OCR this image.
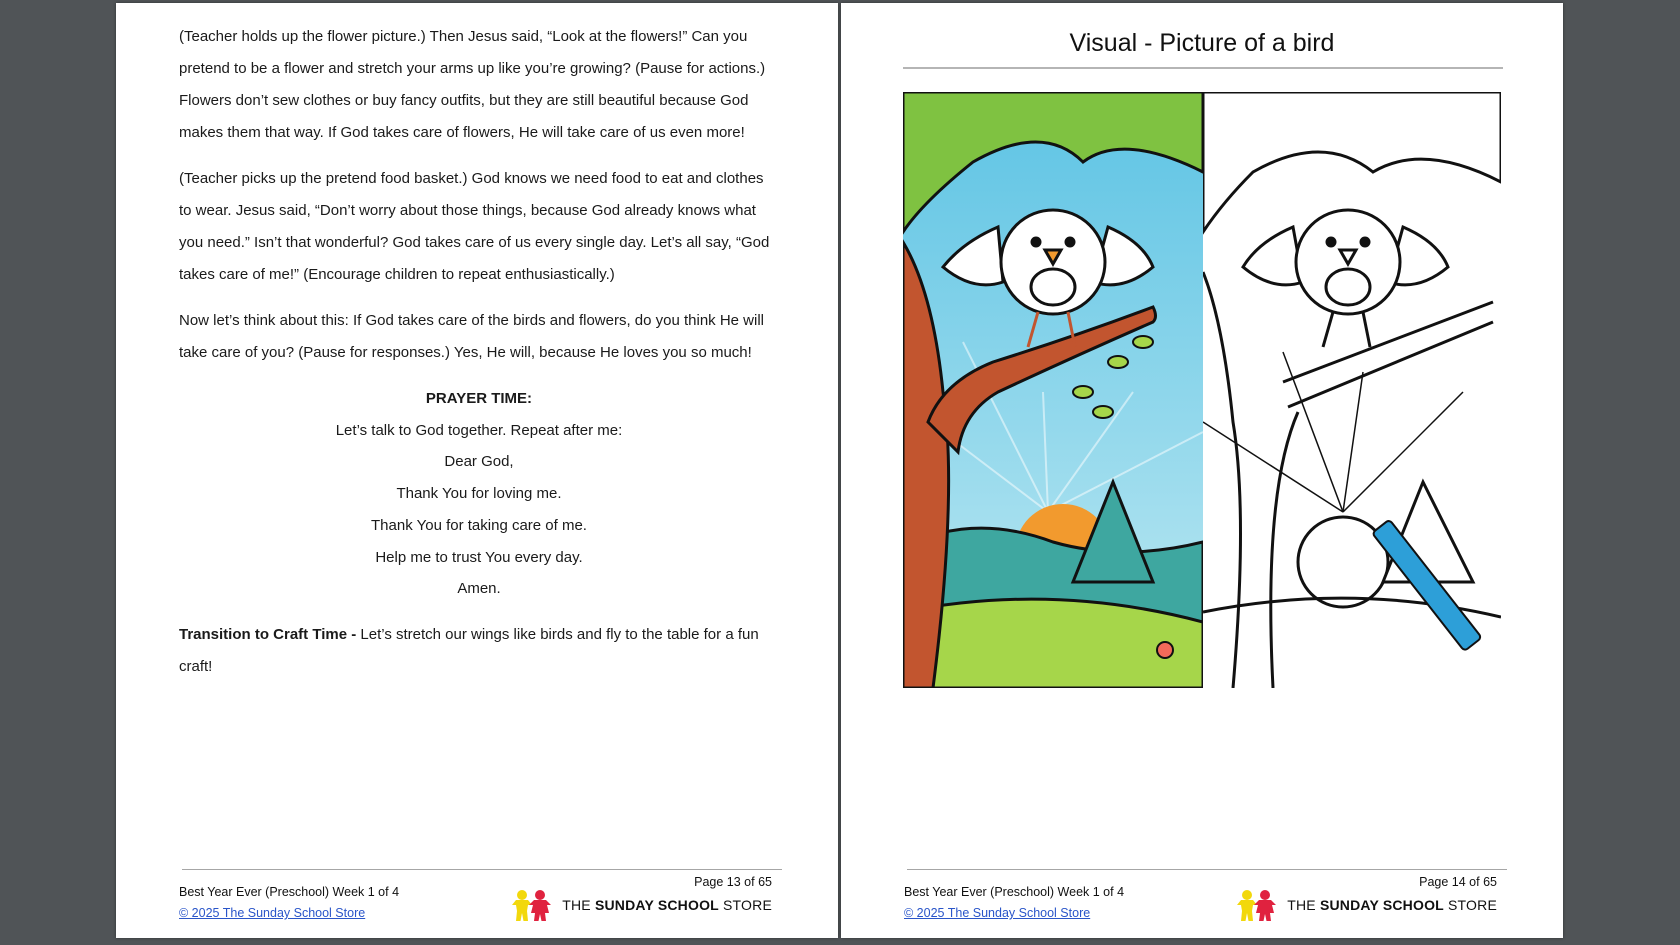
(Teacher holds up the flower picture.) Then Jesus said, “Look at the flowers!” Can you pretend to be a flower and stretch your arms up like you’re growing? (Pause for actions.) Flowers don’t sew clothes or buy fancy outfits, but they are still beautiful because God makes them that way. If God takes care of flowers, He will take care of us even more!

(Teacher picks up the pretend food basket.) God knows we need food to eat and clothes to wear. Jesus said, “Don’t worry about those things, because God already knows what you need.” Isn’t that wonderful? God takes care of us every single day. Let’s all say, “God takes care of me!” (Encourage children to repeat enthusiastically.)

Now let’s think about this: If God takes care of the birds and flowers, do you think He will take care of you? (Pause for responses.) Yes, He will, because He loves you so much!

PRAYER TIME:

Let’s talk to God together. Repeat after me:

Dear God,

Thank You for loving me.

Thank You for taking care of me.

Help me to trust You every day.

Amen.

Transition to Craft Time - Let’s stretch our wings like birds and fly to the table for a fun craft!

Best Year Ever (Preschool) Week 1 of 4
© 2025 The Sunday School Store
Page 13 of 65
THE SUNDAY SCHOOL STORE
Visual - Picture of a bird
Best Year Ever (Preschool) Week 1 of 4
© 2025 The Sunday School Store
Page 14 of 65
THE SUNDAY SCHOOL STORE
